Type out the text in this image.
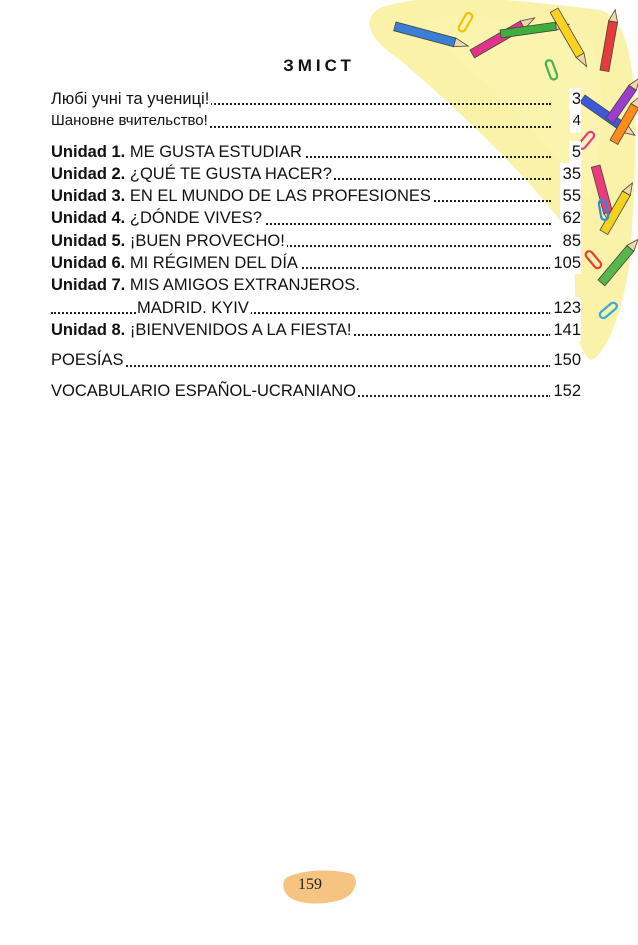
ЗМІСТ
Любі учні та учениці!	3
Шановне вчительство!	4
Unidad 1. ME GUSTA ESTUDIAR	5
Unidad 2. ¿QUÉ TE GUSTA HACER?	35
Unidad 3. EN EL MUNDO DE LAS PROFESIONES	55
Unidad 4. ¿DÓNDE VIVES?	62
Unidad 5. ¡BUEN PROVECHO!	85
Unidad 6. MI RÉGIMEN DEL DÍA	105
Unidad 7. MIS AMIGOS EXTRANJEROS.
MADRID. KYIV	123
Unidad 8. ¡BIENVENIDOS A LA FIESTA!	141
POESÍAS	150
VOCABULARIO ESPAÑOL-UCRANIANO	152
159
